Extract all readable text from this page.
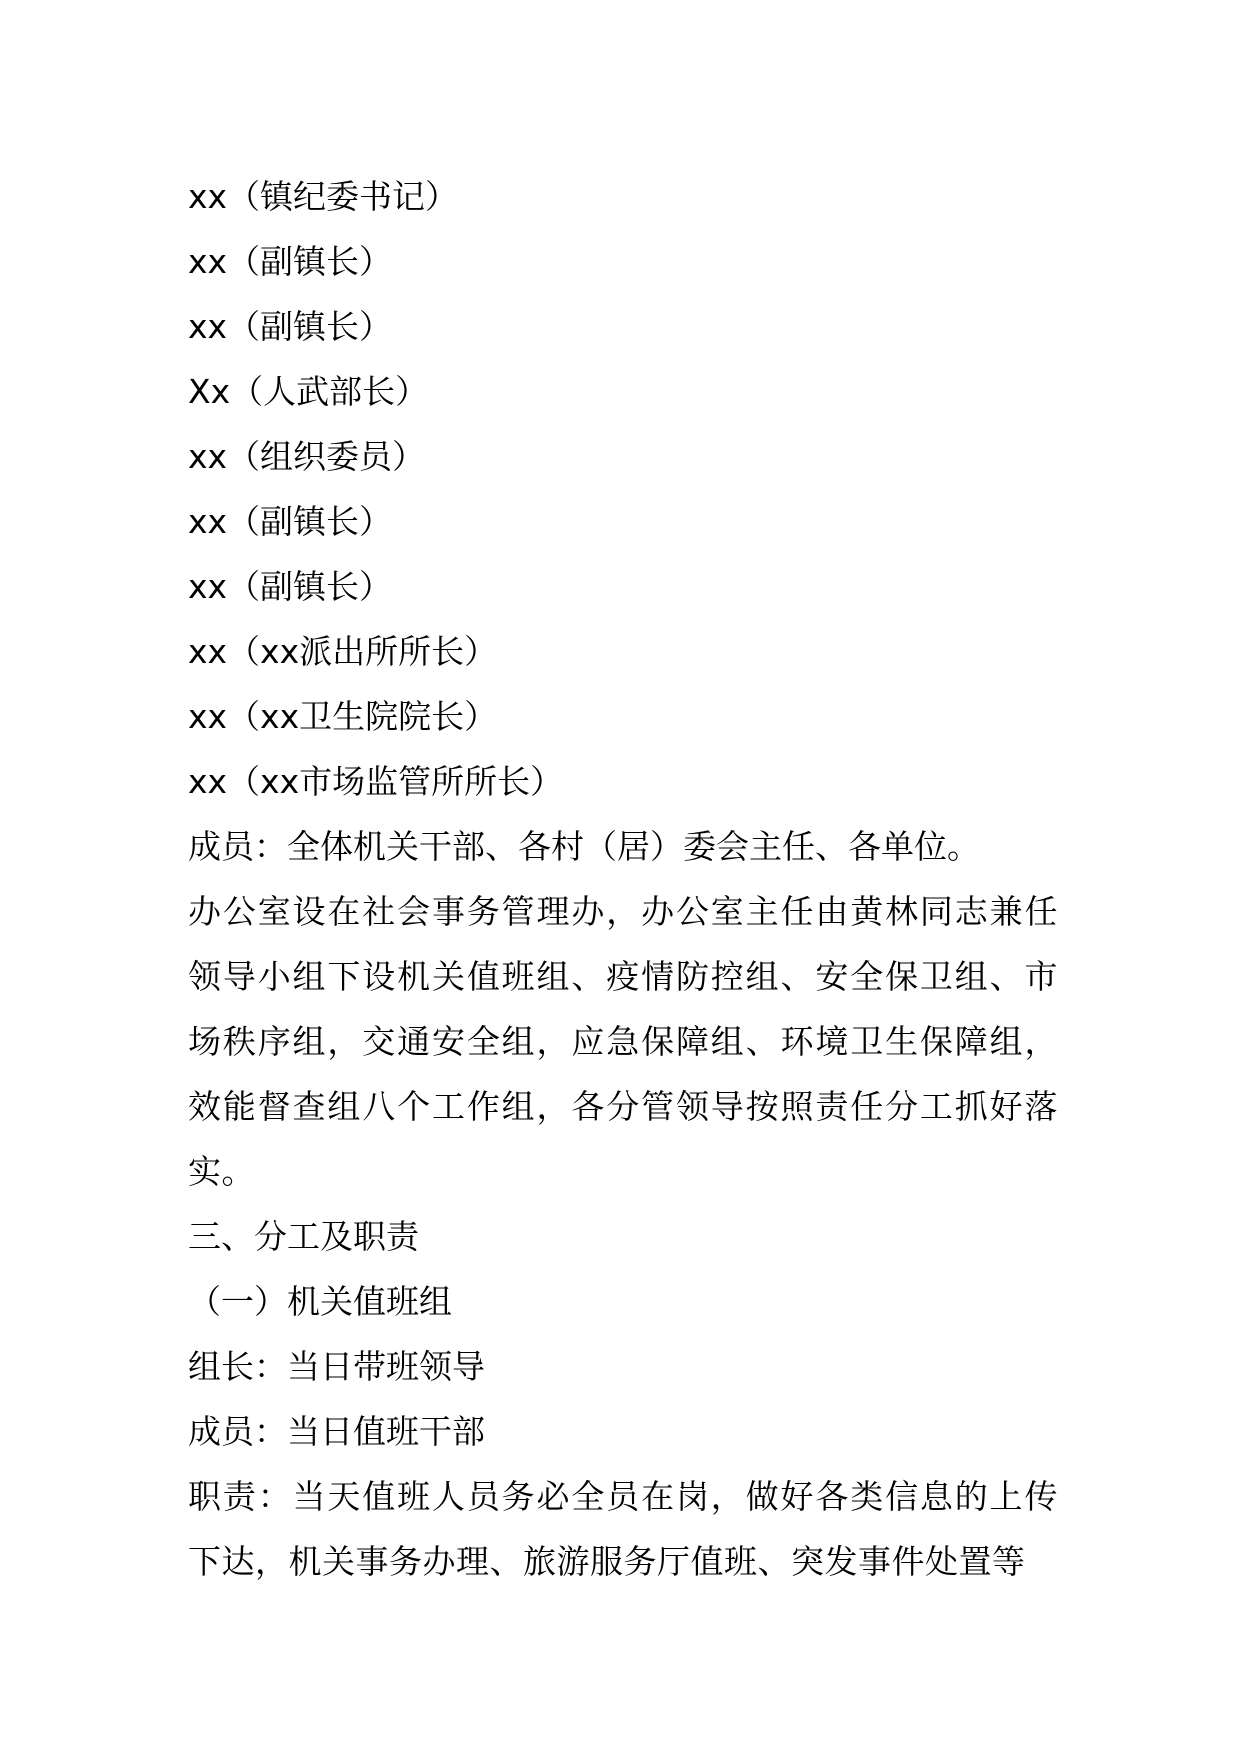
xx（镇纪委书记）
xx（副镇长）
xx（副镇长）
Xx（人武部长）
xx（组织委员）
xx（副镇长）
xx（副镇长）
xx（xx派出所所长）
xx（xx卫生院院长）
xx（xx市场监管所所长）
成员：全体机关干部、各村（居）委会主任、各单位。
办公室设在社会事务管理办，办公室主任由黄林同志兼任领导小组下设机关值班组、疫情防控组、安全保卫组、市场秩序组，交通安全组，应急保障组、环境卫生保障组，效能督查组八个工作组，各分管领导按照责任分工抓好落实。
三、分工及职责
（一）机关值班组
组长：当日带班领导
成员：当日值班干部
职责：当天值班人员务必全员在岗，做好各类信息的上传下达，机关事务办理、旅游服务厅值班、突发事件处置等
